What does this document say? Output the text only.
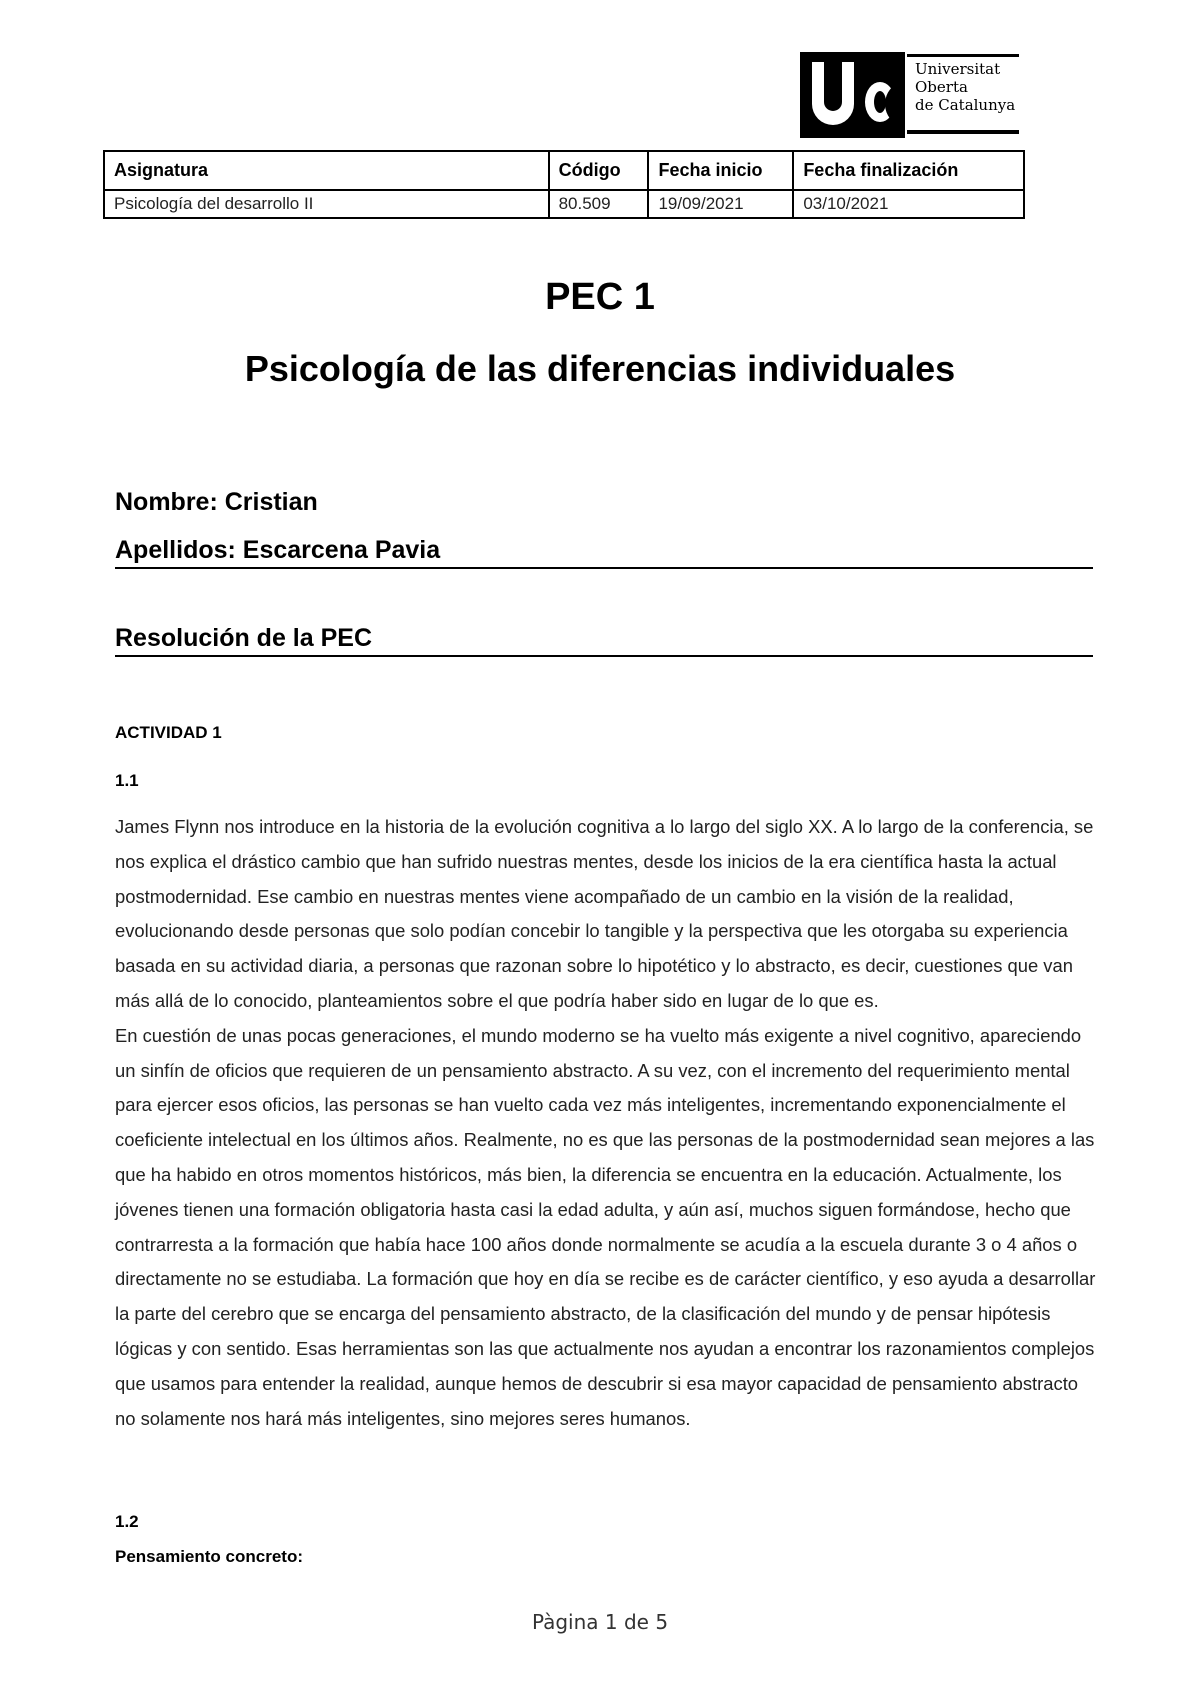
Universitat
Oberta
de Catalunya
Asignatura	Código	Fecha inicio	Fecha finalización
Psicología del desarrollo II	80.509	19/09/2021	03/10/2021
PEC 1
Psicología de las diferencias individuales
Nombre: Cristian
Apellidos: Escarcena Pavia
Resolución de la PEC
ACTIVIDAD 1
1.1

James Flynn nos introduce en la historia de la evolución cognitiva a lo largo del siglo XX. A lo largo de la conferencia, se nos explica el drástico cambio que han sufrido nuestras mentes, desde los inicios de la era científica hasta la actual postmodernidad. Ese cambio en nuestras mentes viene acompañado de un cambio en la visión de la realidad, evolucionando desde personas que solo podían concebir lo tangible y la perspectiva que les otorgaba su experiencia basada en su actividad diaria, a personas que razonan sobre lo hipotético y lo abstracto, es decir, cuestiones que van más allá de lo conocido, planteamientos sobre el que podría haber sido en lugar de lo que es.

En cuestión de unas pocas generaciones, el mundo moderno se ha vuelto más exigente a nivel cognitivo, apareciendo un sinfín de oficios que requieren de un pensamiento abstracto. A su vez, con el incremento del requerimiento mental para ejercer esos oficios, las personas se han vuelto cada vez más inteligentes, incrementando exponencialmente el coeficiente intelectual en los últimos años. Realmente, no es que las personas de la postmodernidad sean mejores a las que ha habido en otros momentos históricos, más bien, la diferencia se encuentra en la educación. Actualmente, los jóvenes tienen una formación obligatoria hasta casi la edad adulta, y aún así, muchos siguen formándose, hecho que contrarresta a la formación que había hace 100 años donde normalmente se acudía a la escuela durante 3 o 4 años o directamente no se estudiaba. La formación que hoy en día se recibe es de carácter científico, y eso ayuda a desarrollar la parte del cerebro que se encarga del pensamiento abstracto, de la clasificación del mundo y de pensar hipótesis lógicas y con sentido. Esas herramientas son las que actualmente nos ayudan a encontrar los razonamientos complejos que usamos para entender la realidad, aunque hemos de descubrir si esa mayor capacidad de pensamiento abstracto no solamente nos hará más inteligentes, sino mejores seres humanos.

1.2
Pensamiento concreto:
Pàgina 1 de 5
